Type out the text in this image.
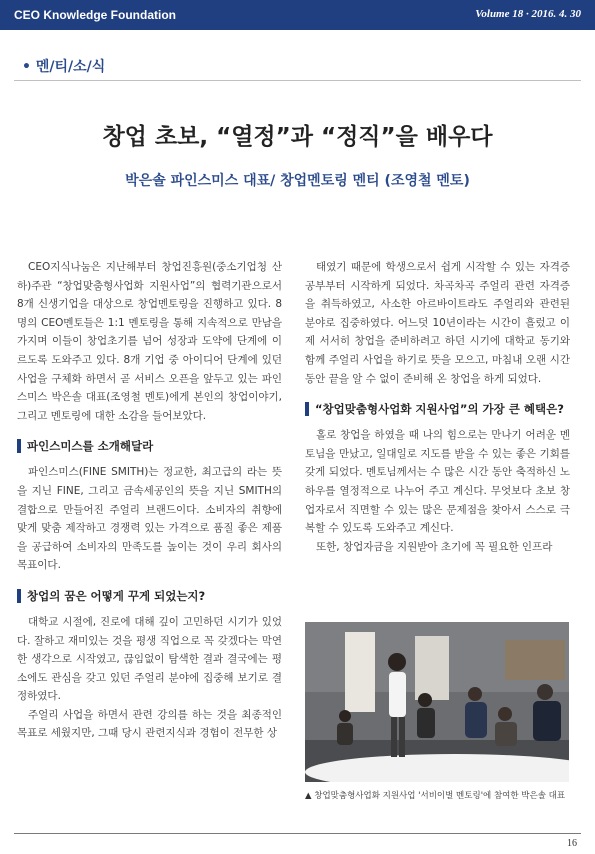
CEO Knowledge Foundation	Volume 18 · 2016. 4. 30
• 멘/티/소/식
창업 초보, “열정”과 “정직”을 배우다
박은솔 파인스미스 대표/ 창업멘토링 멘티 (조영철 멘토)

CEO지식나눔은 지난해부터 창업진흥원(중소기업청 산하)주관 “창업맞춤형사업화 지원사업”의 협력기관으로서 8개 신생기업을 대상으로 창업멘토링을 진행하고 있다. 8명의 CEO멘토들은 1:1 멘토링을 통해 지속적으로 만남을 가지며 이들이 창업초기를 넘어 성장과 도약에 단계에 이르도록 도와주고 있다. 8개 기업 중 아이디어 단계에 있던 사업을 구체화 하면서 곧 서비스 오픈을 앞두고 있는 파인스미스 박은솔 대표(조영철 멘토)에게 본인의 창업이야기, 그리고 멘토링에 대한 소감을 들어보았다.

파인스미스를 소개해달라

파인스미스(FINE SMITH)는 정교한, 최고급의 라는 뜻을 지닌 FINE, 그리고 금속세공인의 뜻을 지닌 SMITH의 결합으로 만들어진 주얼리 브랜드이다. 소비자의 취향에 맞게 맞춤 제작하고 경쟁력 있는 가격으로 품질 좋은 제품을 공급하여 소비자의 만족도를 높이는 것이 우리 회사의 목표이다.

창업의 꿈은 어떻게 꾸게 되었는지?

대학교 시절에, 진로에 대해 깊이 고민하던 시기가 있었다. 잘하고 재미있는 것을 평생 직업으로 꼭 갖겠다는 막연한 생각으로 시작였고, 끊임없이 탐색한 결과 결국에는 평소에도 관심을 갖고 있던 주얼리 분야에 집중해 보기로 결정하였다.

주얼리 사업을 하면서 관련 강의를 하는 것을 최종적인 목표로 세웠지만, 그때 당시 관련지식과 경험이 전무한 상

태였기 때문에 학생으로서 쉽게 시작할 수 있는 자격증 공부부터 시작하게 되었다. 차곡차곡 주얼리 관련 자격증을 취득하였고, 사소한 아르바이트라도 주얼리와 관련된 분야로 집중하였다. 어느덧 10년이라는 시간이 흘렀고 이제 서서히 창업을 준비하려고 하던 시기에 대학교 동기와 함께 주얼리 사업을 하기로 뜻을 모으고, 마침내 오랜 시간 동안 끝을 알 수 없이 준비해 온 창업을 하게 되었다.

“창업맞춤형사업화 지원사업”의 가장 큰 혜택은?

홀로 창업을 하였을 때 나의 힘으로는 만나기 어려운 멘토님을 만났고, 일대일로 지도를 받을 수 있는 좋은 기회를 갖게 되었다. 멘토님께서는 수 많은 시간 동안 축적하신 노하우를 열정적으로 나누어 주고 계신다. 무엇보다 초보 창업자로서 직면할 수 있는 많은 문제점을 찾아서 스스로 극복할 수 있도록 도와주고 계신다.

또한, 창업자금을 지원받아 초기에 꼭 필요한 인프라

▲ 창업맞춤형사업화 지원사업 '서비이벌 멘토링'에 참여한 박은솔 대표
16
